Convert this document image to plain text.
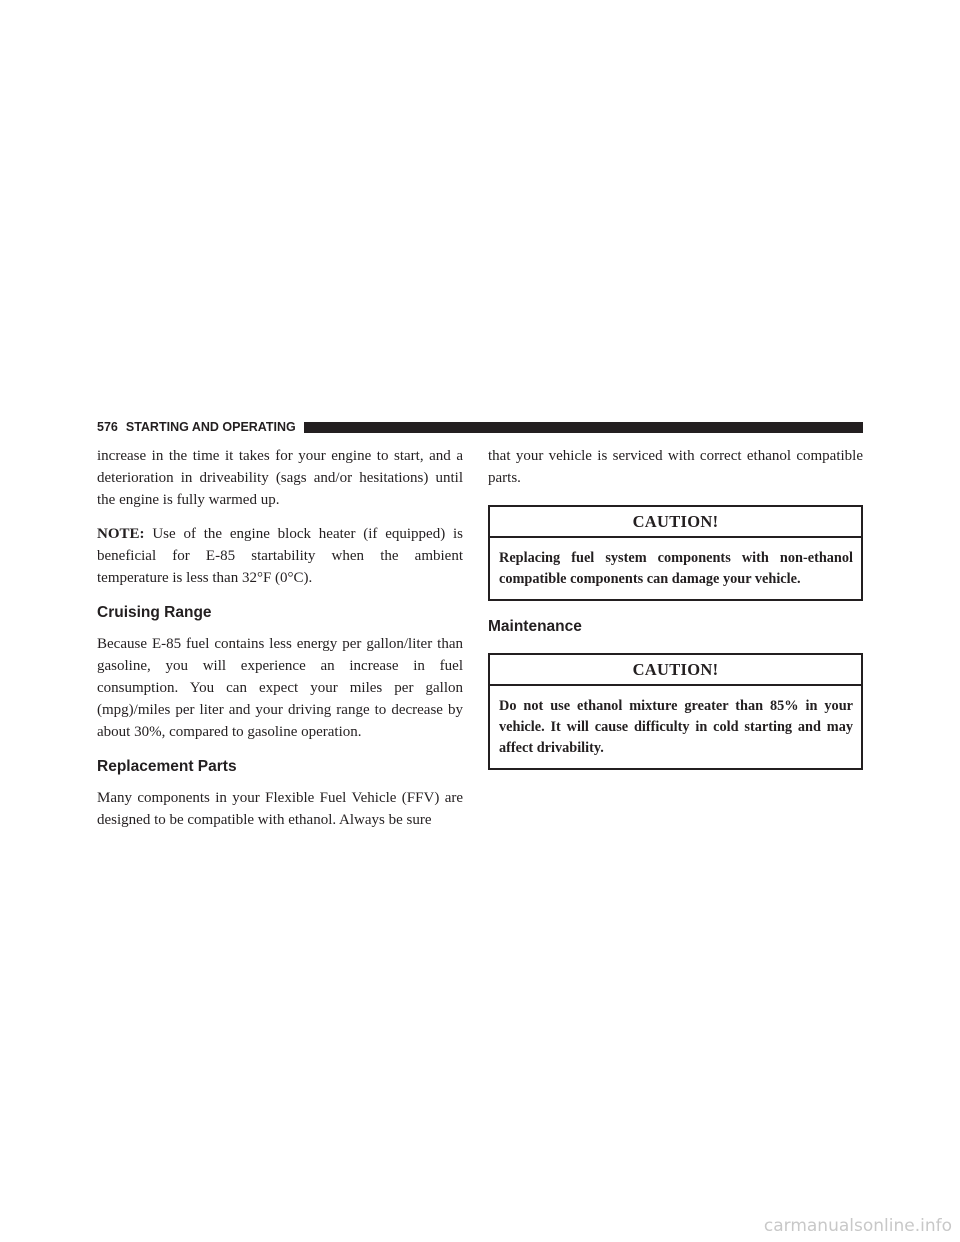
576 STARTING AND OPERATING

increase in the time it takes for your engine to start, and a deterioration in driveability (sags and/or hesitations) until the engine is fully warmed up.

NOTE: Use of the engine block heater (if equipped) is beneficial for E-85 startability when the ambient temperature is less than 32°F (0°C).

Cruising Range

Because E-85 fuel contains less energy per gallon/liter than gasoline, you will experience an increase in fuel consumption. You can expect your miles per gallon (mpg)/miles per liter and your driving range to decrease by about 30%, compared to gasoline operation.

Replacement Parts

Many components in your Flexible Fuel Vehicle (FFV) are designed to be compatible with ethanol. Always be sure

that your vehicle is serviced with correct ethanol compatible parts.

CAUTION!
Replacing fuel system components with non-ethanol compatible components can damage your vehicle.
Maintenance
CAUTION!
Do not use ethanol mixture greater than 85% in your vehicle. It will cause difficulty in cold starting and may affect drivability.
carmanualsonline.info
